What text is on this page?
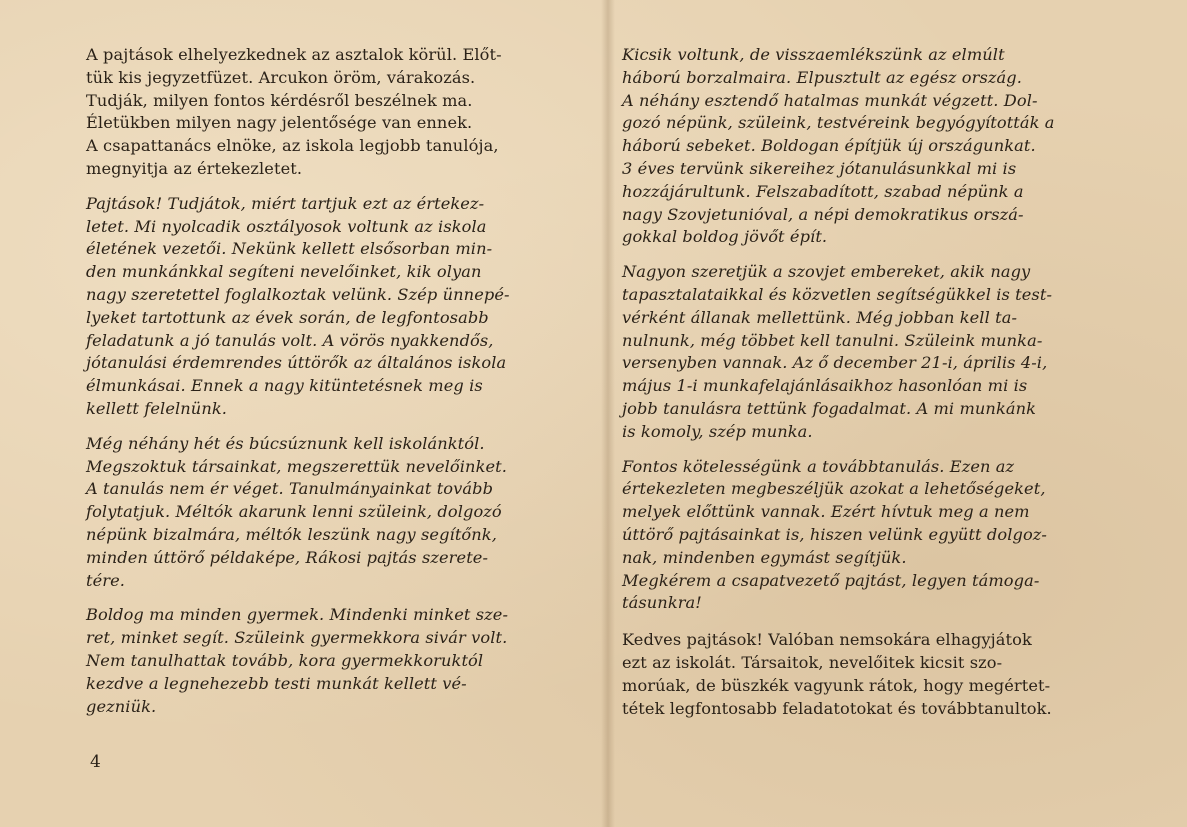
A pajtások elhelyezkednek az asztalok körül. Előt-
tük kis jegyzetfüzet. Arcukon öröm, várakozás.
Tudják, milyen fontos kérdésről beszélnek ma.
Életükben milyen nagy jelentősége van ennek.
A csapattanács elnöke, az iskola legjobb tanulója,
megnyitja az értekezletet.

Pajtások! Tudjátok, miért tartjuk ezt az értekez-
letet. Mi nyolcadik osztályosok voltunk az iskola
életének vezetői. Nekünk kellett elsősorban min-
den munkánkkal segíteni nevelőinket, kik olyan
nagy szeretettel foglalkoztak velünk. Szép ünnepé-
lyeket tartottunk az évek során, de legfontosabb
feladatunk a jó tanulás volt. A vörös nyakkendős,
jótanulási érdemrendes úttörők az általános iskola
élmunkásai. Ennek a nagy kitüntetésnek meg is
kellett felelnünk.

Még néhány hét és búcsúznunk kell iskolánktól.
Megszoktuk társainkat, megszerettük nevelőinket.
A tanulás nem ér véget. Tanulmányainkat tovább
folytatjuk. Méltók akarunk lenni szüleink, dolgozó
népünk bizalmára, méltók leszünk nagy segítőnk,
minden úttörő példaképe, Rákosi pajtás szerete-
tére.

Boldog ma minden gyermek. Mindenki minket sze-
ret, minket segít. Szüleink gyermekkora sivár volt.
Nem tanulhattak tovább, kora gyermekkoruktól
kezdve a legnehezebb testi munkát kellett vé-
gezniük.

Kicsik voltunk, de visszaemlékszünk az elmúlt
háború borzalmaira. Elpusztult az egész ország.
A néhány esztendő hatalmas munkát végzett. Dol-
gozó népünk, szüleink, testvéreink begyógyították a
háború sebeket. Boldogan építjük új országunkat.
3 éves tervünk sikereihez jótanulásunkkal mi is
hozzájárultunk. Felszabadított, szabad népünk a
nagy Szovjetunióval, a népi demokratikus orszá-
gokkal boldog jövőt épít.

Nagyon szeretjük a szovjet embereket, akik nagy
tapasztalataikkal és közvetlen segítségükkel is test-
vérként állanak mellettünk. Még jobban kell ta-
nulnunk, még többet kell tanulni. Szüleink munka-
versenyben vannak. Az ő december 21-i, április 4-i,
május 1-i munkafelajánlásaikhoz hasonlóan mi is
jobb tanulásra tettünk fogadalmat. A mi munkánk
is komoly, szép munka.

Fontos kötelességünk a továbbtanulás. Ezen az
értekezleten megbeszéljük azokat a lehetőségeket,
melyek előttünk vannak. Ezért hívtuk meg a nem
úttörő pajtásainkat is, hiszen velünk együtt dolgoz-
nak, mindenben egymást segítjük.
Megkérem a csapatvezető pajtást, legyen támoga-
tásunkra!

Kedves pajtások! Valóban nemsokára elhagyjátok
ezt az iskolát. Társaitok, nevelőitek kicsit szo-
morúak, de büszkék vagyunk rátok, hogy megértet-
tétek legfontosabb feladatotokat és továbbtanultok.

4
